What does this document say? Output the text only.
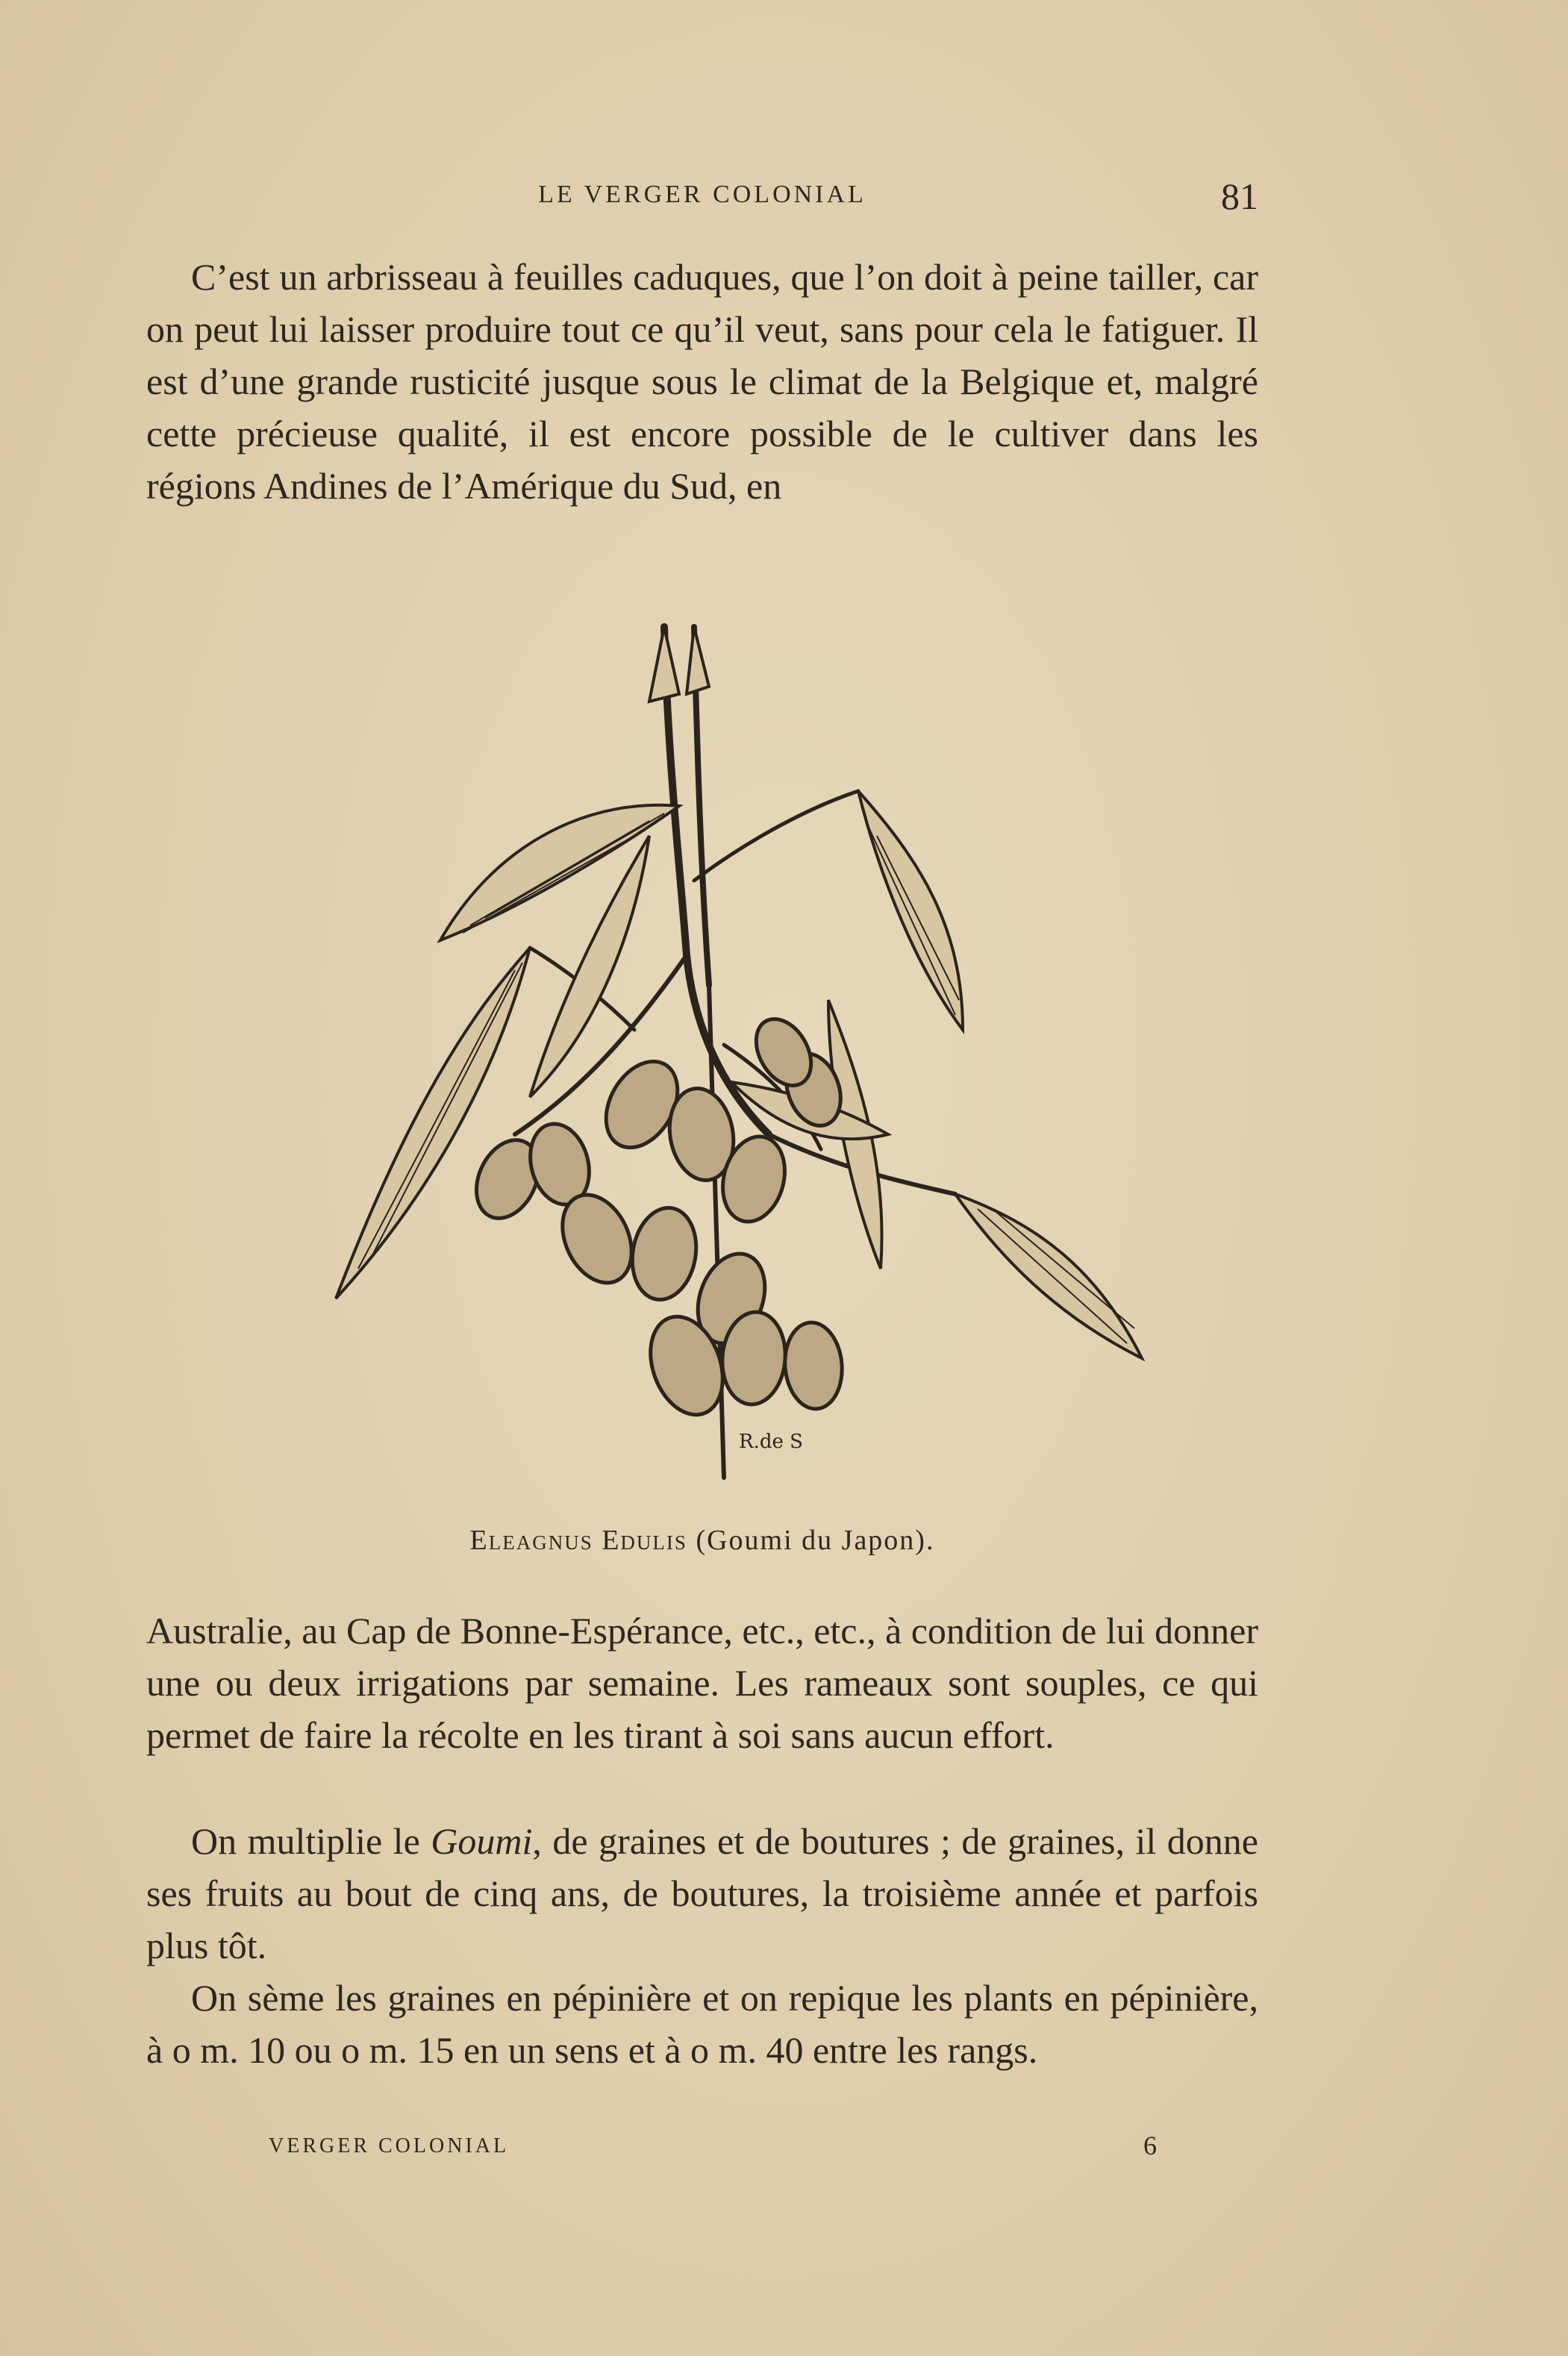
LE VERGER COLONIAL	81

C’est un arbrisseau à feuilles caduques, que l’on doit à peine tailler, car on peut lui laisser produire tout ce qu’il veut, sans pour cela le fatiguer. Il est d’une grande rusticité jusque sous le climat de la Belgique et, malgré cette précieuse qualité, il est encore possible de le cultiver dans les régions Andines de l’Amérique du Sud, en

R.de S
Eleagnus Edulis (Goumi du Japon).

Australie, au Cap de Bonne-Espérance, etc., etc., à condition de lui donner une ou deux irrigations par semaine. Les rameaux sont souples, ce qui permet de faire la récolte en les tirant à soi sans aucun effort.

On multiplie le Goumi, de graines et de boutures ; de graines, il donne ses fruits au bout de cinq ans, de boutures, la troisième année et parfois plus tôt.

On sème les graines en pépinière et on repique les plants en pépinière, à o m. 10 ou o m. 15 en un sens et à o m. 40 entre les rangs.

VERGER COLONIAL	6
